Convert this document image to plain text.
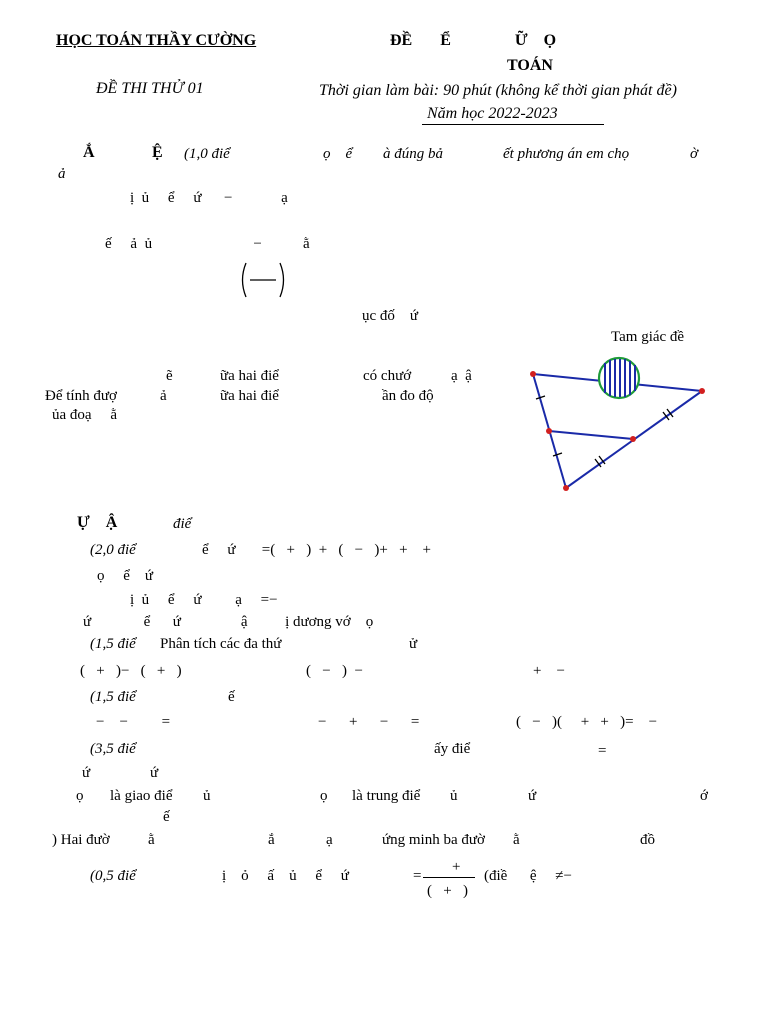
HỌC TOÁN THẦY CƯỜNG	ĐỀ       Ể                Ữ    Ọ
TOÁN
ĐỀ THI THỬ 01	Thời gian làm bài: 90 phút (không kể thời gian phát đề)
Năm học 2022-2023
Ắ	Ệ (1,0 điể	ọ    ể à đúng bả	ết phương án em chọ	ờ
ả
ị  ủ     ể     ứ      −             ạ
ế     ả  ủ                           −           ằ
ục đố    ứ
Tam giác đề
ẽ	ữa hai điể	có chướ	ạ  ậ
Để tính đượ	ả	ữa hai điể	ần đo độ
ủa đoạ     ằ
Ự    Ậ	điể
(2,0 điể	ể     ứ       =(   +   )  +   (   −   )+   +    +
ọ     ể    ứ
ị  ủ     ể     ứ         ạ     =−
ứ              ể      ứ                ậ          ị dương vớ    ọ
(1,5 điể Phân tích các đa thứ	ử
(   +   )−   (   +   )	(   −   )  −	+    −
(1,5 điể	ế
−    −         =	−      +      −      =	(   −   )(     +   +   )=    −
(3,5 điể	ấy điể	=
ứ	ứ
ọ là giao điể ủ	ọ là trung điể ủ	ứ	ớ
ế
) Hai đườ	ằ	ắ	ạ	ứng minh ba đườ ằ	đồ
(0,5 điể	ị    ỏ     ấ    ủ     ể     ứ	=
+
(   +   )
(điề      ệ     ≠−
